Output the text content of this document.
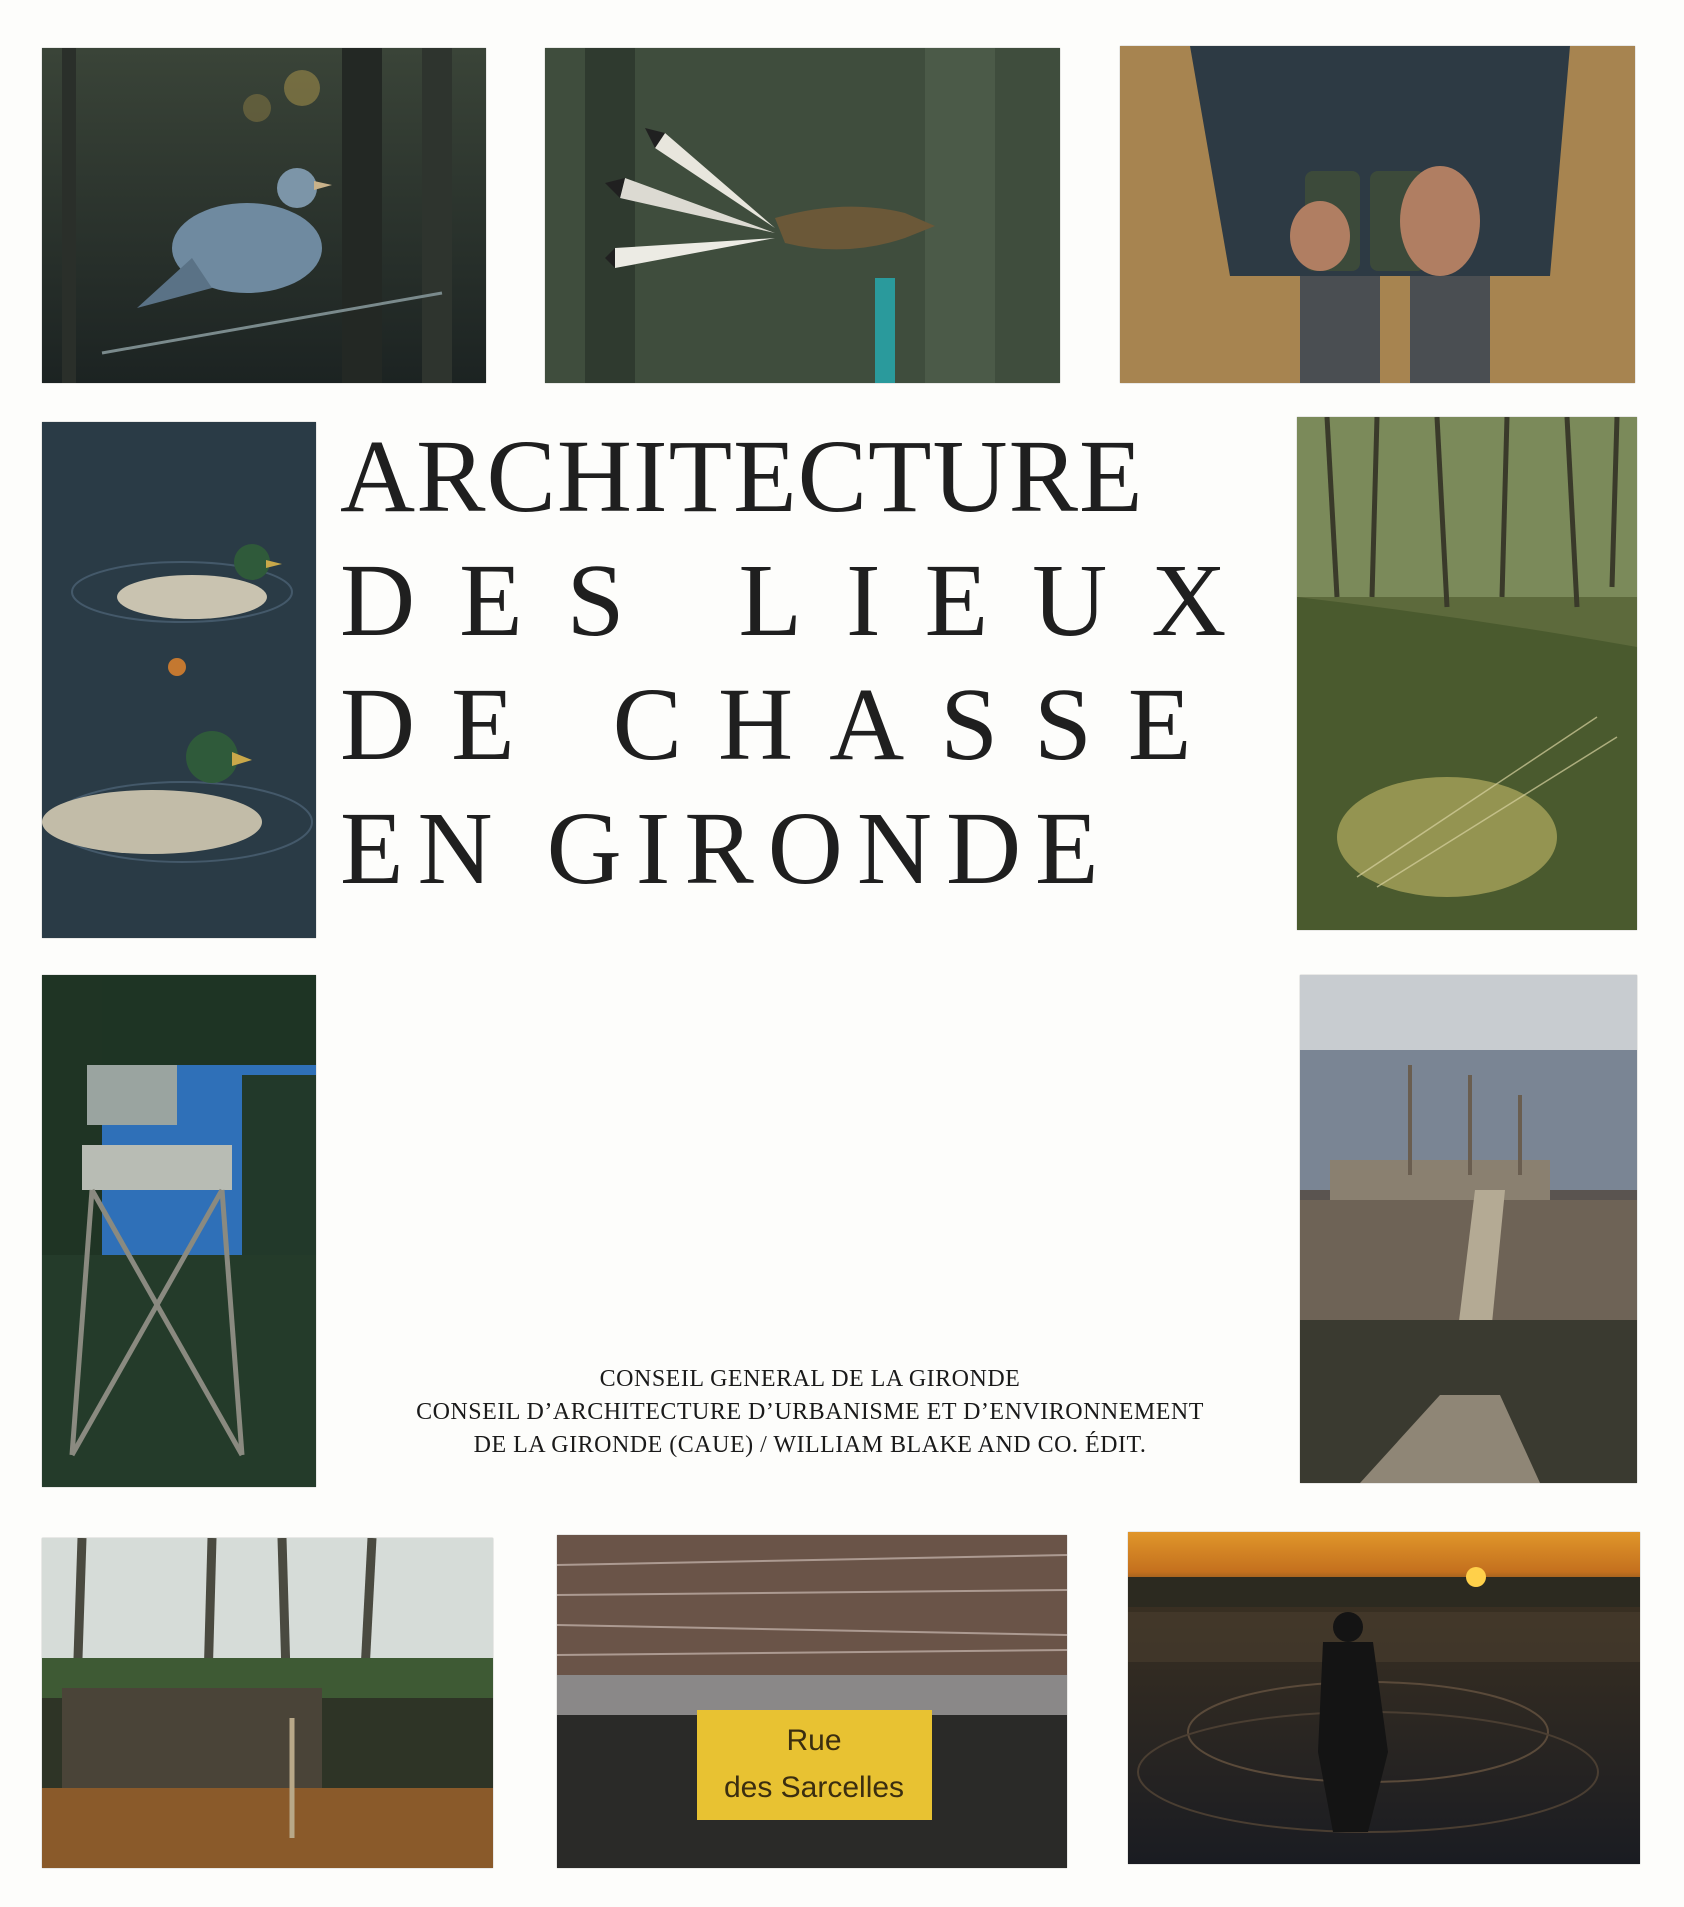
ARCHITECTURE
DES LIEUX
DE CHASSE
EN GIRONDE
CONSEIL GENERAL DE LA GIRONDE
CONSEIL D’ARCHITECTURE D’URBANISME ET D’ENVIRONNEMENT
DE LA GIRONDE (CAUE) / WILLIAM BLAKE AND CO. ÉDIT.
Rue
des Sarcelles
